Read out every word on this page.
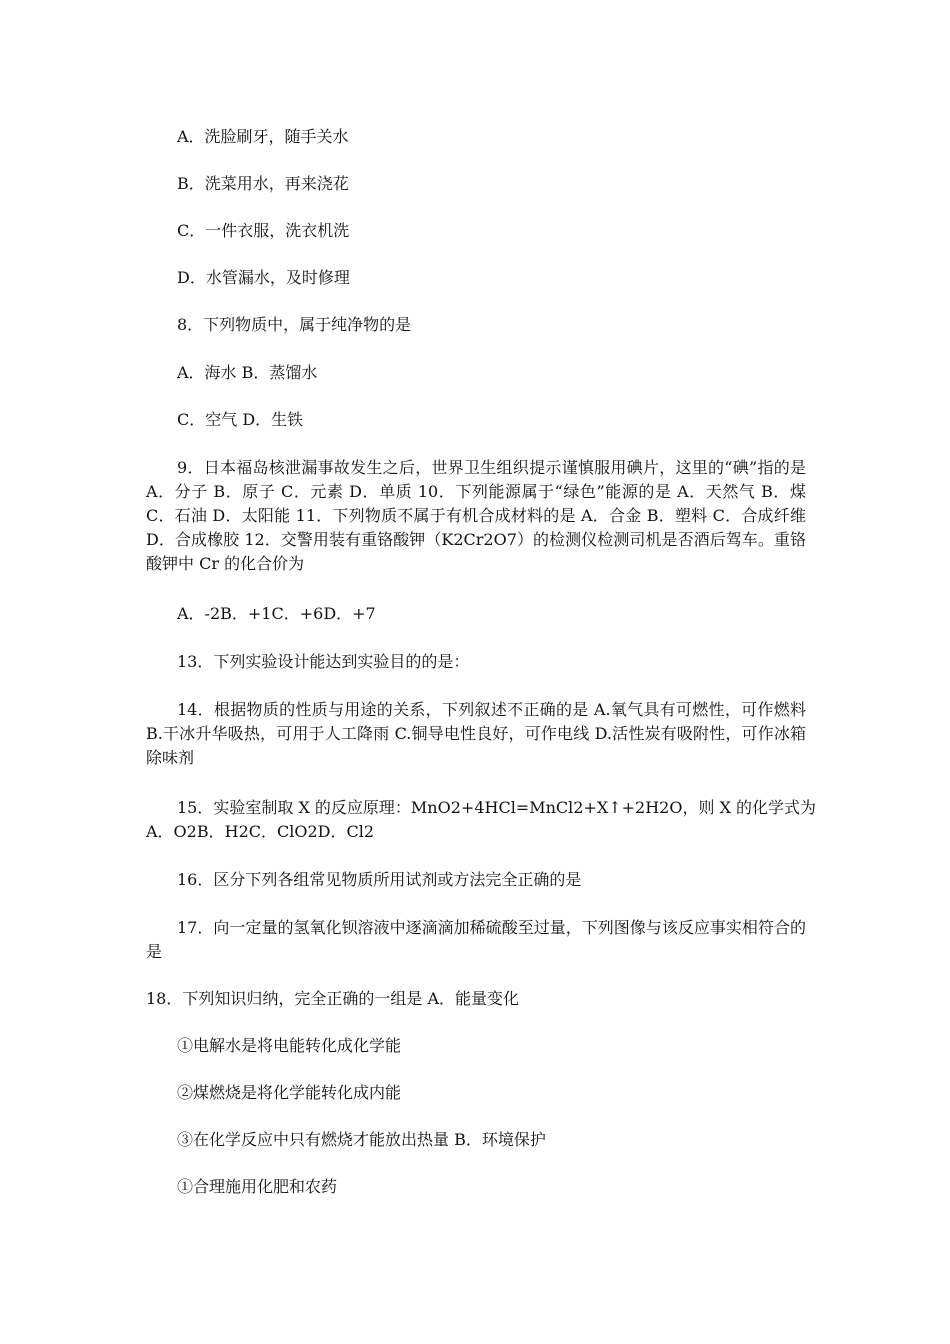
A．洗脸刷牙，随手关水
B．洗菜用水，再来浇花
C．一件衣服，洗衣机洗
D．水管漏水，及时修理
8．下列物质中，属于纯净物的是
A．海水 B．蒸馏水
C．空气 D．生铁
9．日本福岛核泄漏事故发生之后，世界卫生组织提示谨慎服用碘片，这里的“碘”指的是 A．分子 B．原子 C．元素 D．单质 10．下列能源属于“绿色”能源的是 A．天然气 B．煤 C．石油 D．太阳能 11．下列物质不属于有机合成材料的是 A．合金 B．塑料 C．合成纤维 D．合成橡胶 12．交警用装有重铬酸钾（K2Cr2O7）的检测仪检测司机是否酒后驾车。重铬酸钾中 Cr 的化合价为
A．-2B．+1C．+6D．+7
13．下列实验设计能达到实验目的的是：
14．根据物质的性质与用途的关系，下列叙述不正确的是 A.氧气具有可燃性，可作燃料 B.干冰升华吸热，可用于人工降雨 C.铜导电性良好，可作电线 D.活性炭有吸附性，可作冰箱除味剂
15．实验室制取 X 的反应原理：MnO2+4HCl=MnCl2+X↑+2H2O，则 X 的化学式为
A．O2B．H2C．ClO2D．Cl2
16．区分下列各组常见物质所用试剂或方法完全正确的是
17．向一定量的氢氧化钡溶液中逐滴滴加稀硫酸至过量，下列图像与该反应事实相符合的是
18．下列知识归纳，完全正确的一组是 A．能量变化
①电解水是将电能转化成化学能
②煤燃烧是将化学能转化成内能
③在化学反应中只有燃烧才能放出热量 B．环境保护
①合理施用化肥和农药
